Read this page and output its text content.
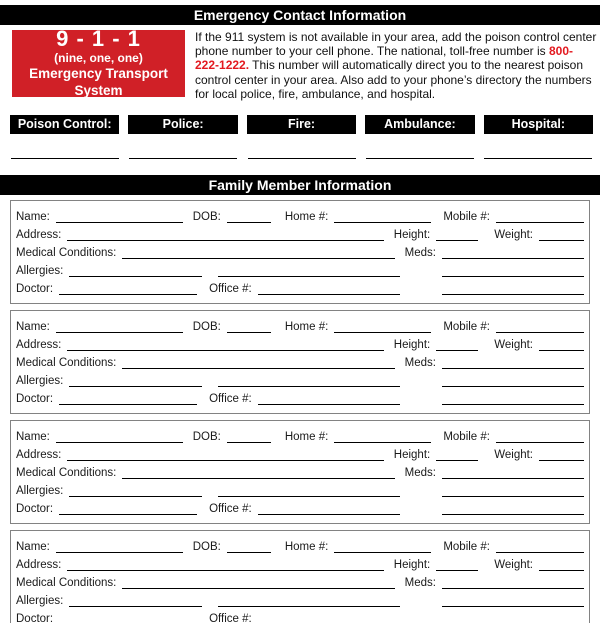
Emergency Contact Information
9 - 1 - 1
(nine, one, one)
Emergency Transport System

If the 911 system is not available in your area, add the poison control center phone number to your cell phone. The national, toll-free number is 800-222-1222. This number will automatically direct you to the nearest poison control center in your area. Also add to your phone’s directory the numbers for local police, fire, ambulance, and hospital.

Poison Control:	Police:	Fire:	Ambulance:	Hospital:
Family Member Information
Name:	DOB:	Home #:	Mobile #:
Address:	Height:	Weight:
Medical Conditions:	Meds:
Allergies:
Doctor:	Office #:
Name:	DOB:	Home #:	Mobile #:
Address:	Height:	Weight:
Medical Conditions:	Meds:
Allergies:
Doctor:	Office #:
Name:	DOB:	Home #:	Mobile #:
Address:	Height:	Weight:
Medical Conditions:	Meds:
Allergies:
Doctor:	Office #:
Name:	DOB:	Home #:	Mobile #:
Address:	Height:	Weight:
Medical Conditions:	Meds:
Allergies:
Doctor:	Office #:
